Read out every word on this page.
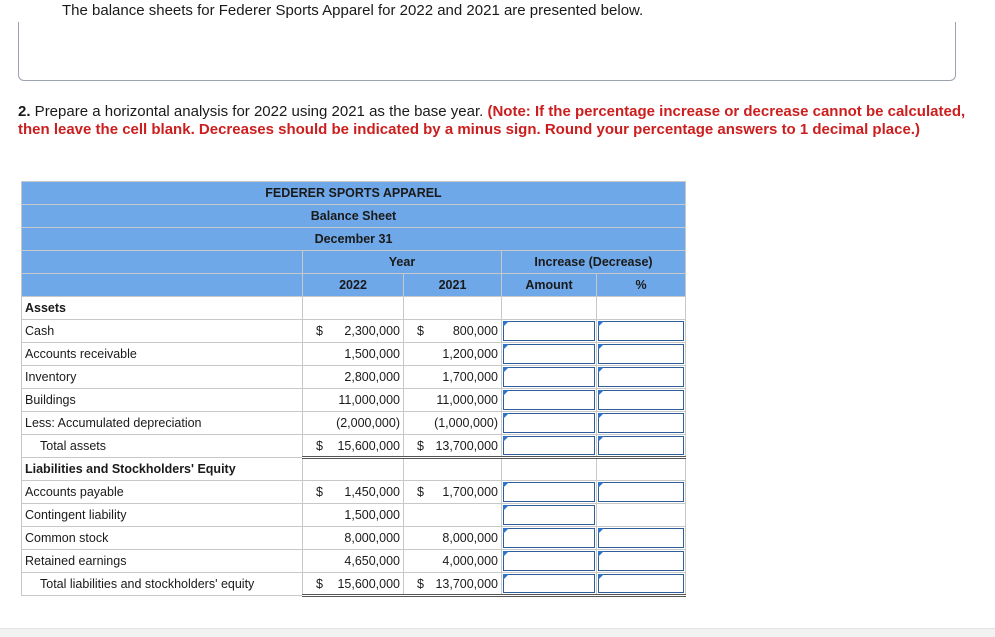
The balance sheets for Federer Sports Apparel for 2022 and 2021 are presented below.
2. Prepare a horizontal analysis for 2022 using 2021 as the base year. (Note: If the percentage increase or decrease cannot be calculated, then leave the cell blank. Decreases should be indicated by a minus sign. Round your percentage answers to 1 decimal place.)
FEDERER SPORTS APPAREL				
Balance Sheet				
December 31				
	Year		Increase (Decrease)	
	2022	2021	Amount	%
Assets				
Cash	$ 2,300,000	$ 800,000		

Accounts receivable	1,500,000	1,200,000		

Inventory	2,800,000	1,700,000		

Buildings	11,000,000	11,000,000		

Less: Accumulated depreciation	(2,000,000)	(1,000,000)		

Total assets	$ 15,600,000	$ 13,700,000		

Liabilities and Stockholders' Equity				
Accounts payable	$ 1,450,000	$ 1,700,000		

Contingent liability	1,500,000			

Common stock	8,000,000	8,000,000		

Retained earnings	4,650,000	4,000,000		

Total liabilities and stockholders' equity	$ 15,600,000	$ 13,700,000		
